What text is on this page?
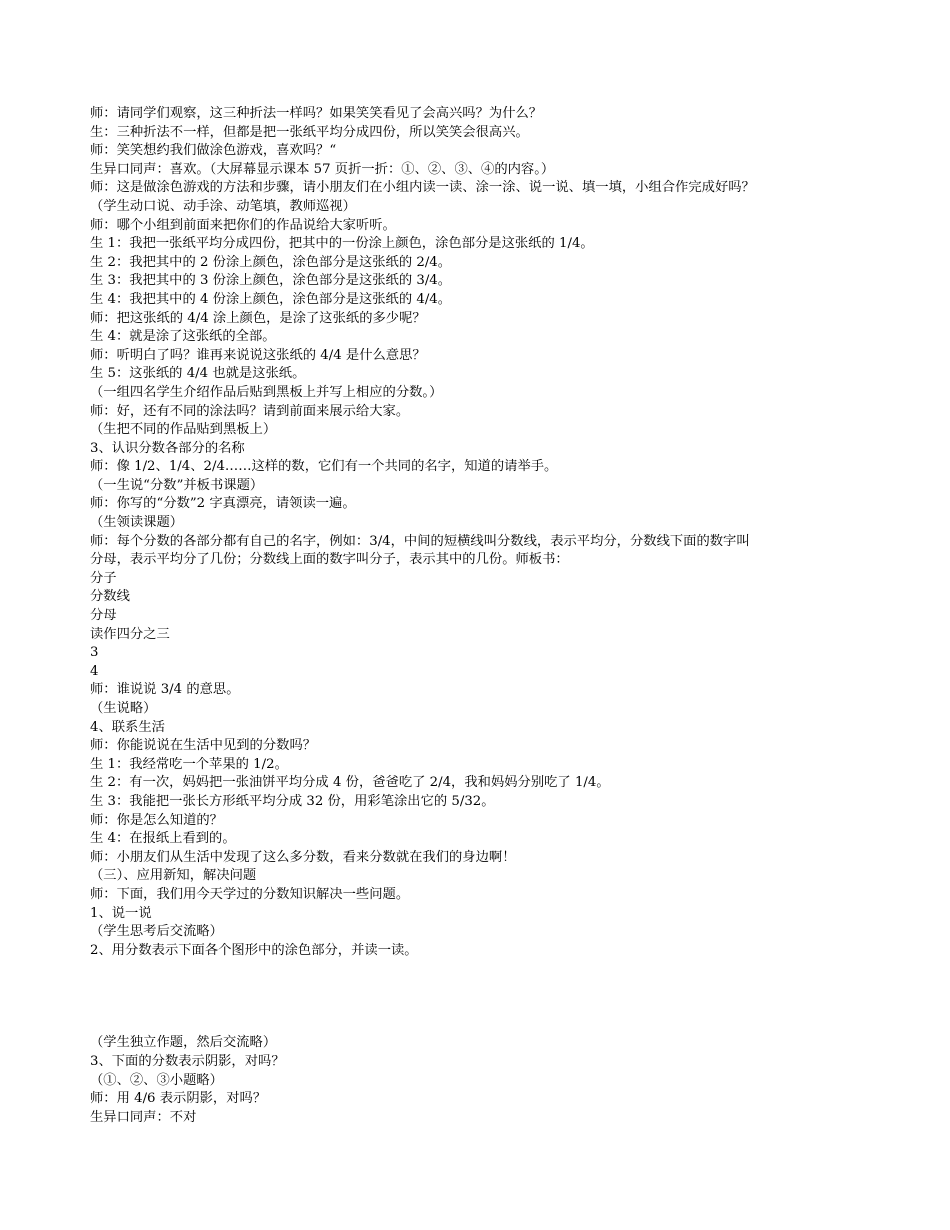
师：请同学们观察，这三种折法一样吗？如果笑笑看见了会高兴吗？为什么？

生：三种折法不一样，但都是把一张纸平均分成四份，所以笑笑会很高兴。

师：笑笑想约我们做涂色游戏，喜欢吗？“

生异口同声：喜欢。（大屏幕显示课本 57 页折一折：①、②、③、④的内容。）

师：这是做涂色游戏的方法和步骤，请小朋友们在小组内读一读、涂一涂、说一说、填一填，小组合作完成好吗？

（学生动口说、动手涂、动笔填，教师巡视）

师：哪个小组到前面来把你们的作品说给大家听听。

生 1：我把一张纸平均分成四份，把其中的一份涂上颜色，涂色部分是这张纸的 1/4。

生 2：我把其中的 2 份涂上颜色，涂色部分是这张纸的 2/4。

生 3：我把其中的 3 份涂上颜色，涂色部分是这张纸的 3/4。

生 4：我把其中的 4 份涂上颜色，涂色部分是这张纸的 4/4。

师：把这张纸的 4/4 涂上颜色，是涂了这张纸的多少呢？

生 4：就是涂了这张纸的全部。

师：听明白了吗？谁再来说说这张纸的 4/4 是什么意思？

生 5：这张纸的 4/4 也就是这张纸。

（一组四名学生介绍作品后贴到黑板上并写上相应的分数。）

师：好，还有不同的涂法吗？请到前面来展示给大家。

（生把不同的作品贴到黑板上）

3、认识分数各部分的名称

师：像 1/2、1/4、2/4……这样的数，它们有一个共同的名字，知道的请举手。

（一生说“分数”并板书课题）

师：你写的“分数”2 字真漂亮，请领读一遍。

（生领读课题）

师：每个分数的各部分都有自己的名字，例如：3/4，中间的短横线叫分数线，表示平均分，分数线下面的数字叫

分母，表示平均分了几份；分数线上面的数字叫分子，表示其中的几份。师板书：

分子

分数线

分母

读作四分之三

3

4

师：谁说说 3/4 的意思。

（生说略）

4、联系生活

师：你能说说在生活中见到的分数吗？

生 1：我经常吃一个苹果的 1/2。

生 2：有一次，妈妈把一张油饼平均分成 4 份，爸爸吃了 2/4，我和妈妈分别吃了 1/4。

生 3：我能把一张长方形纸平均分成 32 份，用彩笔涂出它的 5/32。

师：你是怎么知道的？

生 4：在报纸上看到的。

师：小朋友们从生活中发现了这么多分数，看来分数就在我们的身边啊！

（三）、应用新知，解决问题

师：下面，我们用今天学过的分数知识解决一些问题。

1、说一说

（学生思考后交流略）

2、用分数表示下面各个图形中的涂色部分，并读一读。

（学生独立作题，然后交流略）

3、下面的分数表示阴影，对吗？

（①、②、③小题略）

师：用 4/6 表示阴影，对吗？

生异口同声：不对
